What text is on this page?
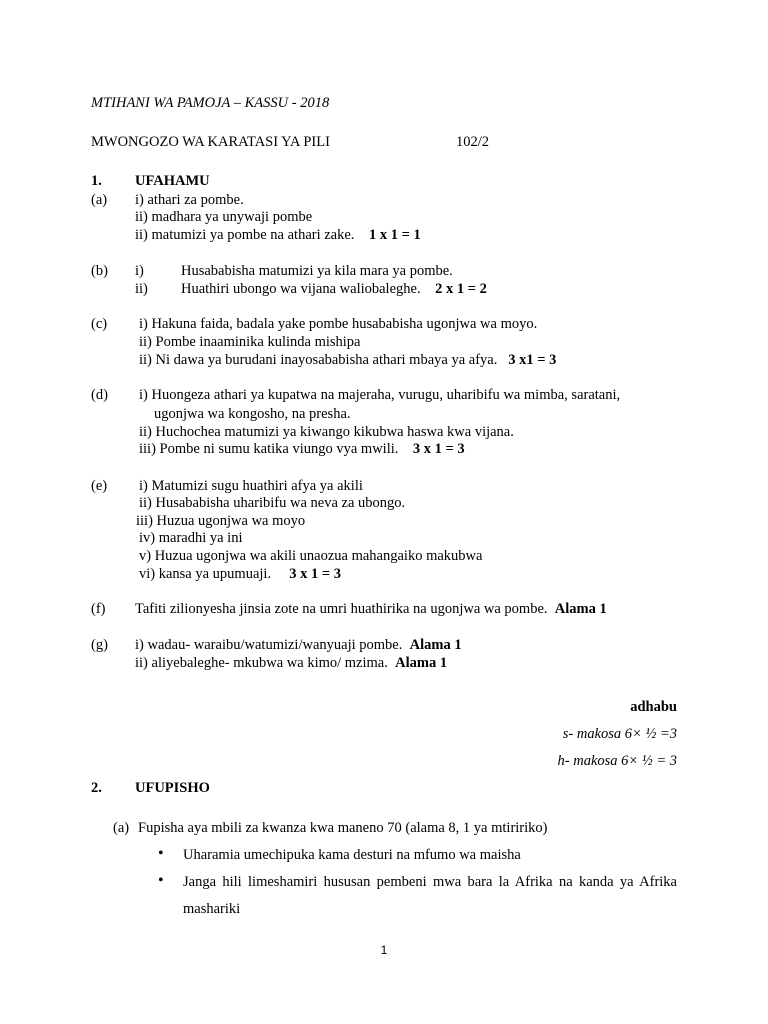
MTIHANI WA PAMOJA – KASSU - 2018
MWONGOZO WA KARATASI YA PILI	102/2
1. UFAHAMU
(a) i) athari za pombe.
ii) madhara ya unywaji pombe
ii) matumizi ya pombe na athari zake. 1 x 1 = 1
(b) i)	Husababisha matumizi ya kila mara ya pombe.
ii) Huathiri ubongo wa vijana waliobaleghe. 2 x 1 = 2
(c) i) Hakuna faida, badala yake pombe husababisha ugonjwa wa moyo.
ii) Pombe inaaminika kulinda mishipa
ii) Ni dawa ya burudani inayosababisha athari mbaya ya afya. 3 x1 = 3
(d) i) Huongeza athari ya kupatwa na majeraha, vurugu, uharibifu wa mimba, saratani,
ugonjwa wa kongosho, na presha.
ii) Huchochea matumizi ya kiwango kikubwa haswa kwa vijana.
iii) Pombe ni sumu katika viungo vya mwili. 3 x 1 = 3
(e) i) Matumizi sugu huathiri afya ya akili
ii) Husababisha uharibifu wa neva za ubongo.
iii) Huzua ugonjwa wa moyo
iv) maradhi ya ini
v) Huzua ugonjwa wa akili unaozua mahangaiko makubwa
vi) kansa ya upumuaji. 3 x 1 = 3
(f) Tafiti zilionyesha jinsia zote na umri huathirika na ugonjwa wa pombe. Alama 1
(g) i) wadau- waraibu/watumizi/wanyuaji pombe. Alama 1
ii) aliyebaleghe- mkubwa wa kimo/ mzima. Alama 1
adhabu
s- makosa 6× ½ =3
h- makosa 6× ½ = 3
2. UFUPISHO
(a) Fupisha aya mbili za kwanza kwa maneno 70 (alama 8, 1 ya mtiririko)
• Uharamia umechipuka kama desturi na mfumo wa maisha
• Janga hili limeshamiri hususan pembeni mwa bara la Afrika na kanda ya Afrika
mashariki
1
